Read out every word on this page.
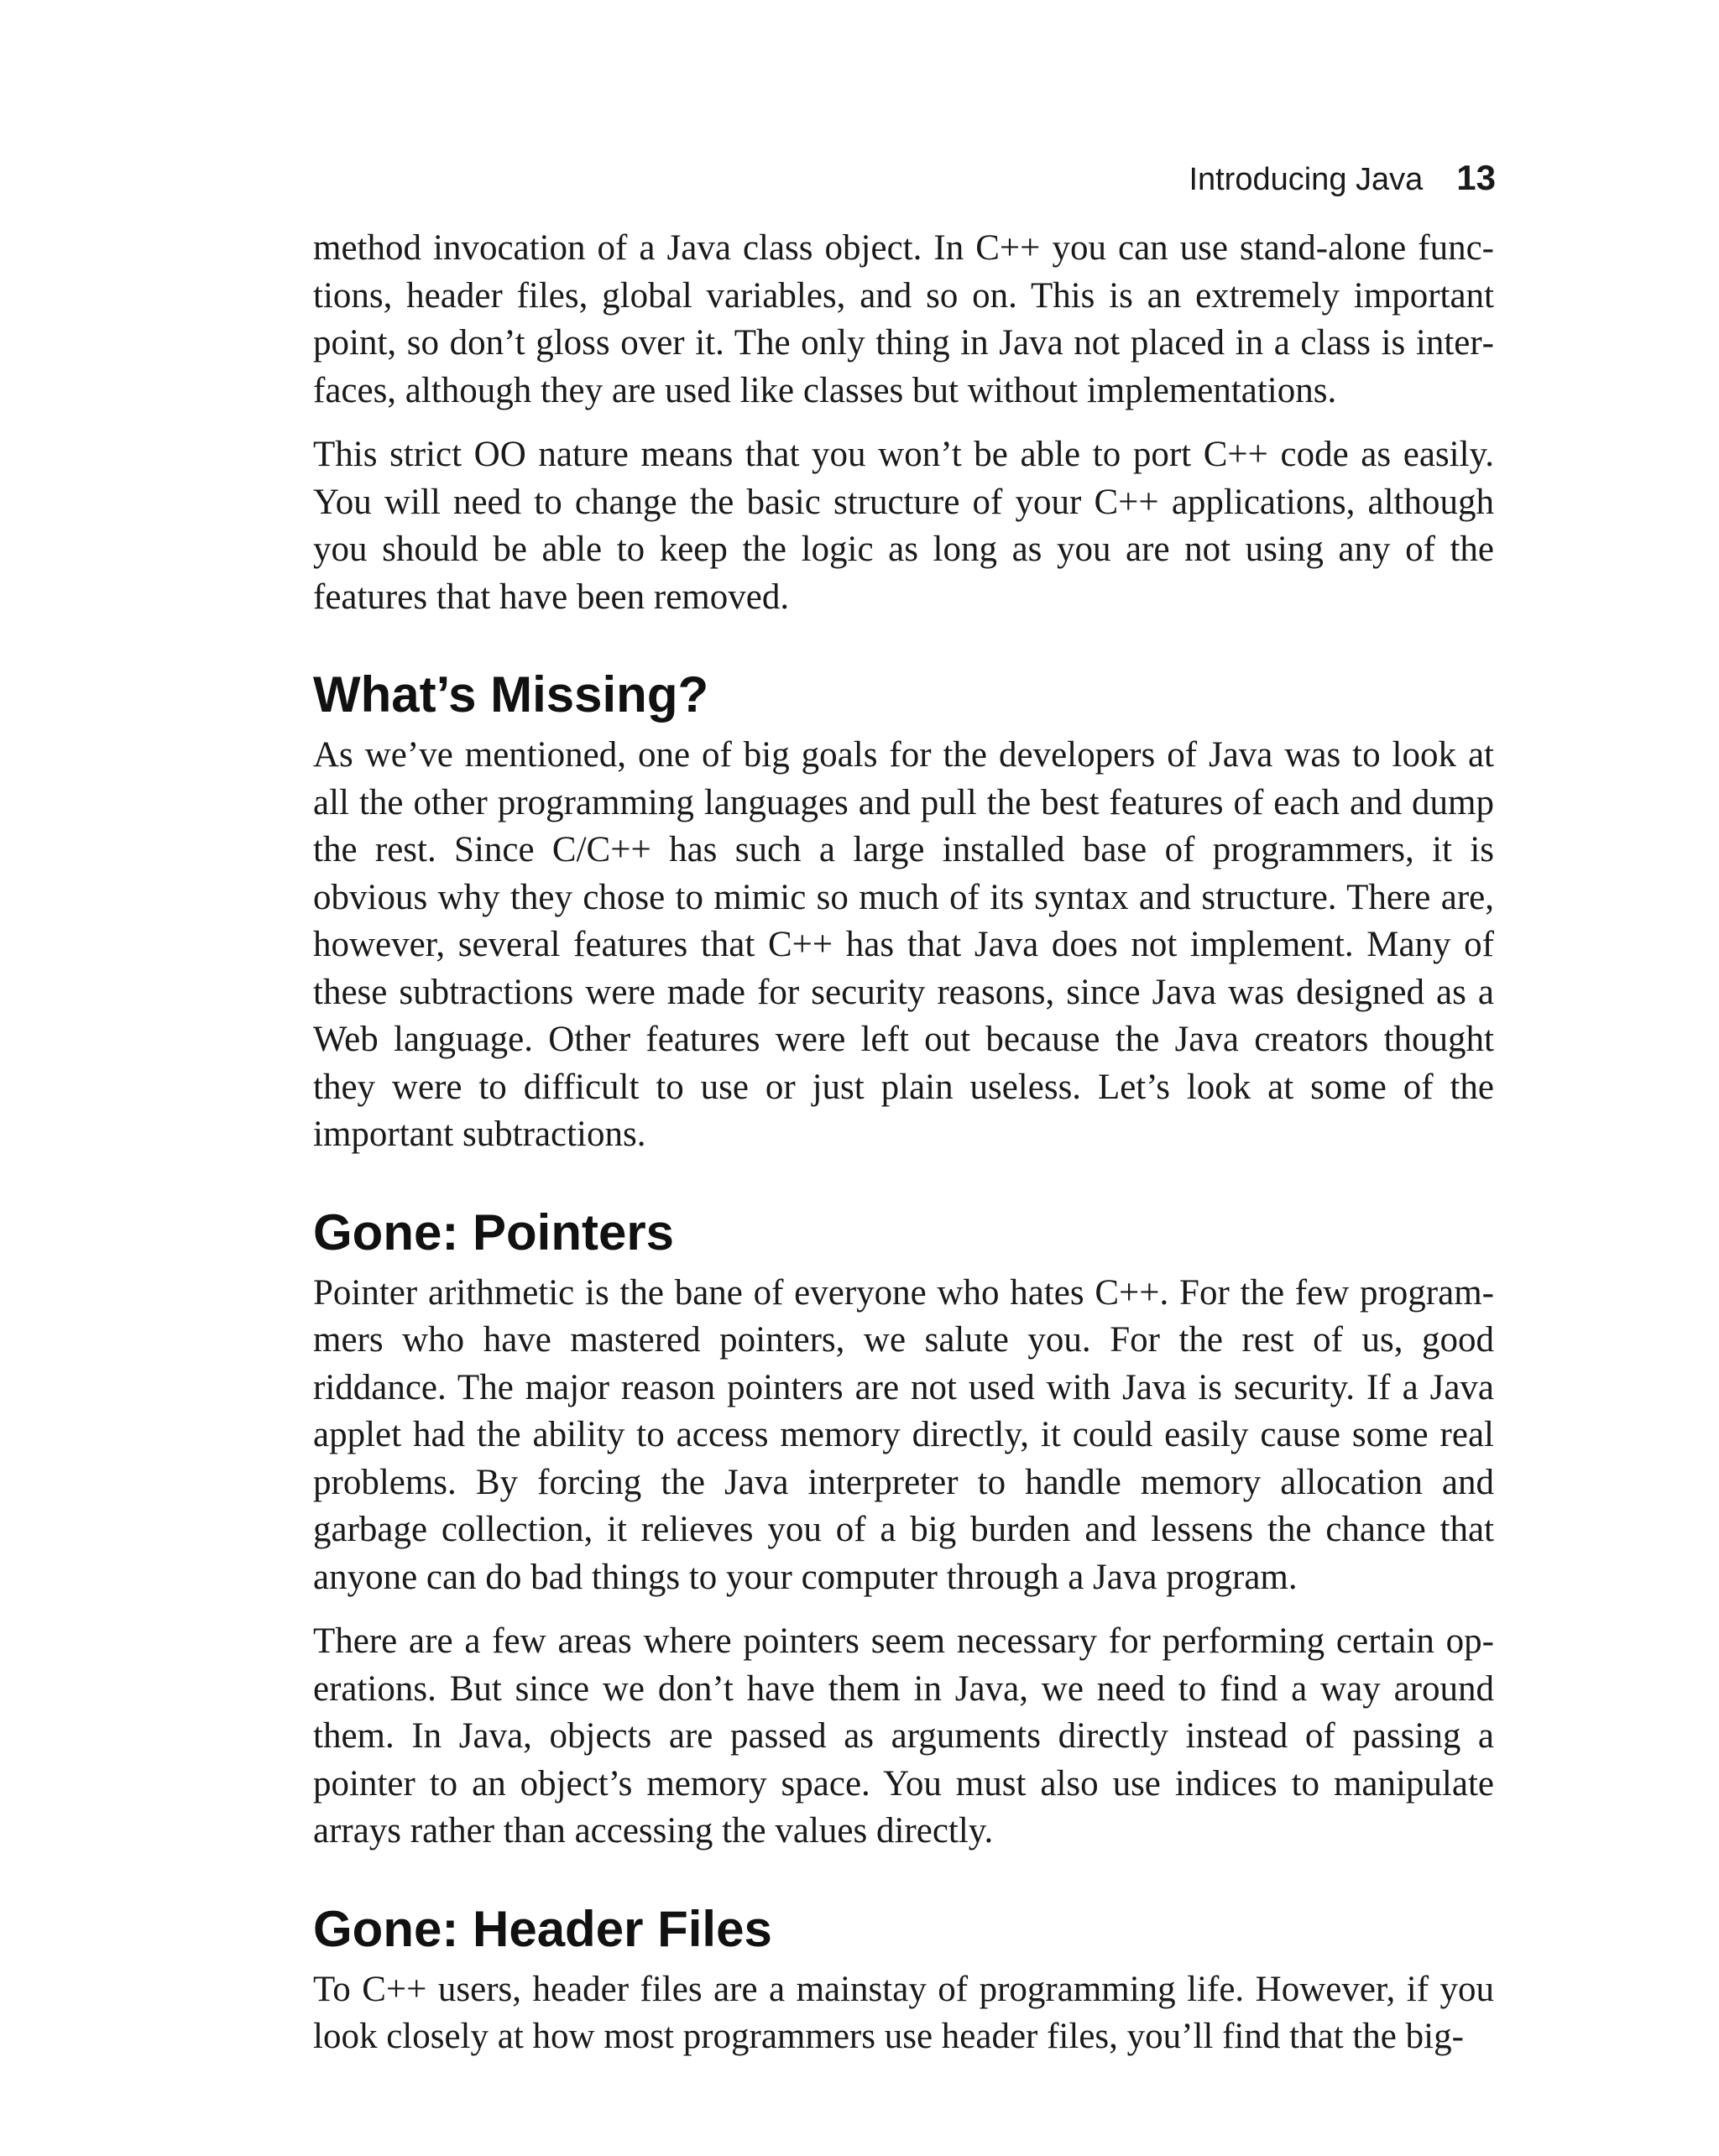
Introducing Java 13

method invocation of a Java class object. In C++ you can use stand-alone functions, header files, global variables, and so on. This is an extremely important point, so don’t gloss over it. The only thing in Java not placed in a class is interfaces, although they are used like classes but without implementations.

This strict OO nature means that you won’t be able to port C++ code as easily. You will need to change the basic structure of your C++ applications, although you should be able to keep the logic as long as you are not using any of the features that have been removed.

What’s Missing?

As we’ve mentioned, one of big goals for the developers of Java was to look at all the other programming languages and pull the best features of each and dump the rest. Since C/C++ has such a large installed base of programmers, it is obvious why they chose to mimic so much of its syntax and structure. There are, however, several features that C++ has that Java does not implement. Many of these subtractions were made for security reasons, since Java was designed as a Web language. Other features were left out because the Java creators thought they were to difficult to use or just plain useless. Let’s look at some of the important subtractions.

Gone: Pointers

Pointer arithmetic is the bane of everyone who hates C++. For the few programmers who have mastered pointers, we salute you. For the rest of us, good riddance. The major reason pointers are not used with Java is security. If a Java applet had the ability to access memory directly, it could easily cause some real problems. By forcing the Java interpreter to handle memory allocation and garbage collection, it relieves you of a big burden and lessens the chance that anyone can do bad things to your computer through a Java program.

There are a few areas where pointers seem necessary for performing certain operations. But since we don’t have them in Java, we need to find a way around them. In Java, objects are passed as arguments directly instead of passing a pointer to an object’s memory space. You must also use indices to manipulate arrays rather than accessing the values directly.

Gone: Header Files

To C++ users, header files are a mainstay of programming life. However, if you look closely at how most programmers use header files, you’ll find that the big-
